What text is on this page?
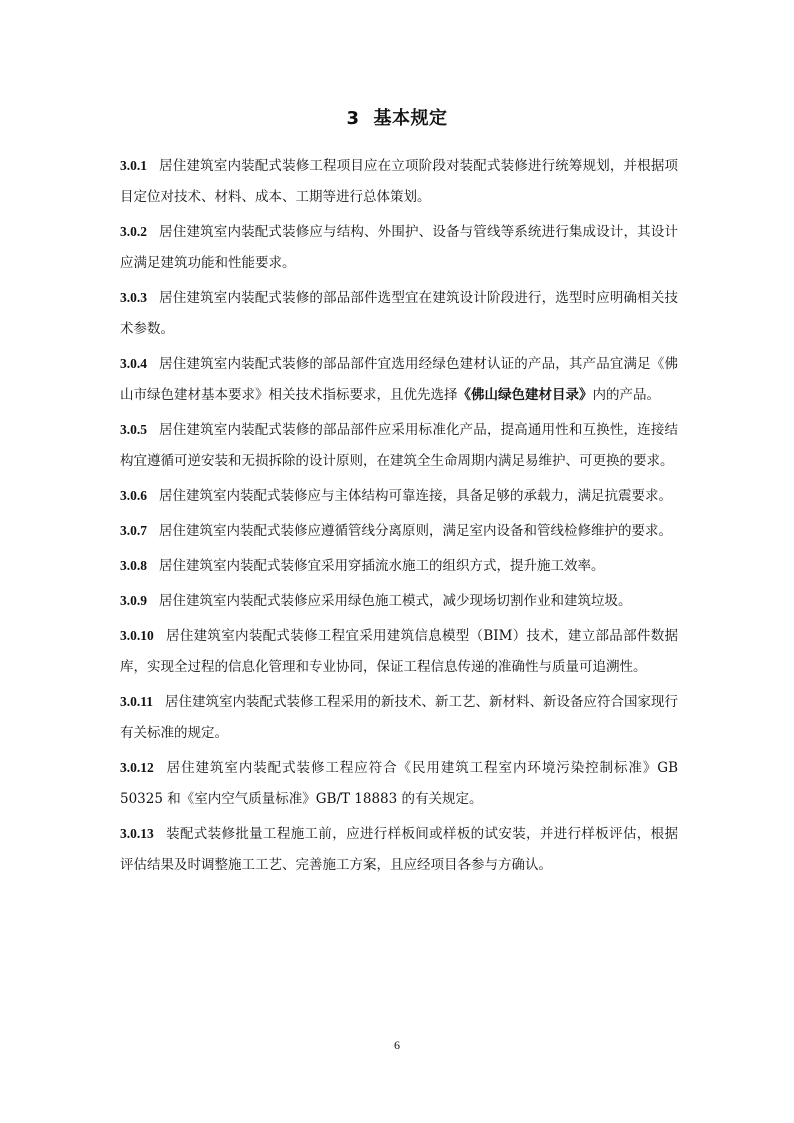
3 基本规定

3.0.1 居住建筑室内装配式装修工程项目应在立项阶段对装配式装修进行统筹规划，并根据项目定位对技术、材料、成本、工期等进行总体策划。

3.0.2 居住建筑室内装配式装修应与结构、外围护、设备与管线等系统进行集成设计，其设计应满足建筑功能和性能要求。

3.0.3 居住建筑室内装配式装修的部品部件选型宜在建筑设计阶段进行，选型时应明确相关技术参数。

3.0.4 居住建筑室内装配式装修的部品部件宜选用经绿色建材认证的产品，其产品宜满足《佛山市绿色建材基本要求》相关技术指标要求，且优先选择《佛山绿色建材目录》内的产品。

3.0.5 居住建筑室内装配式装修的部品部件应采用标准化产品，提高通用性和互换性，连接结构宜遵循可逆安装和无损拆除的设计原则，在建筑全生命周期内满足易维护、可更换的要求。

3.0.6 居住建筑室内装配式装修应与主体结构可靠连接，具备足够的承载力，满足抗震要求。

3.0.7 居住建筑室内装配式装修应遵循管线分离原则，满足室内设备和管线检修维护的要求。

3.0.8 居住建筑室内装配式装修宜采用穿插流水施工的组织方式，提升施工效率。

3.0.9 居住建筑室内装配式装修应采用绿色施工模式，减少现场切割作业和建筑垃圾。

3.0.10 居住建筑室内装配式装修工程宜采用建筑信息模型（BIM）技术，建立部品部件数据库，实现全过程的信息化管理和专业协同，保证工程信息传递的准确性与质量可追溯性。

3.0.11 居住建筑室内装配式装修工程采用的新技术、新工艺、新材料、新设备应符合国家现行有关标准的规定。

3.0.12 居住建筑室内装配式装修工程应符合《民用建筑工程室内环境污染控制标准》GB 50325 和《室内空气质量标准》GB/T 18883 的有关规定。

3.0.13 装配式装修批量工程施工前，应进行样板间或样板的试安装，并进行样板评估，根据评估结果及时调整施工工艺、完善施工方案，且应经项目各参与方确认。

6
